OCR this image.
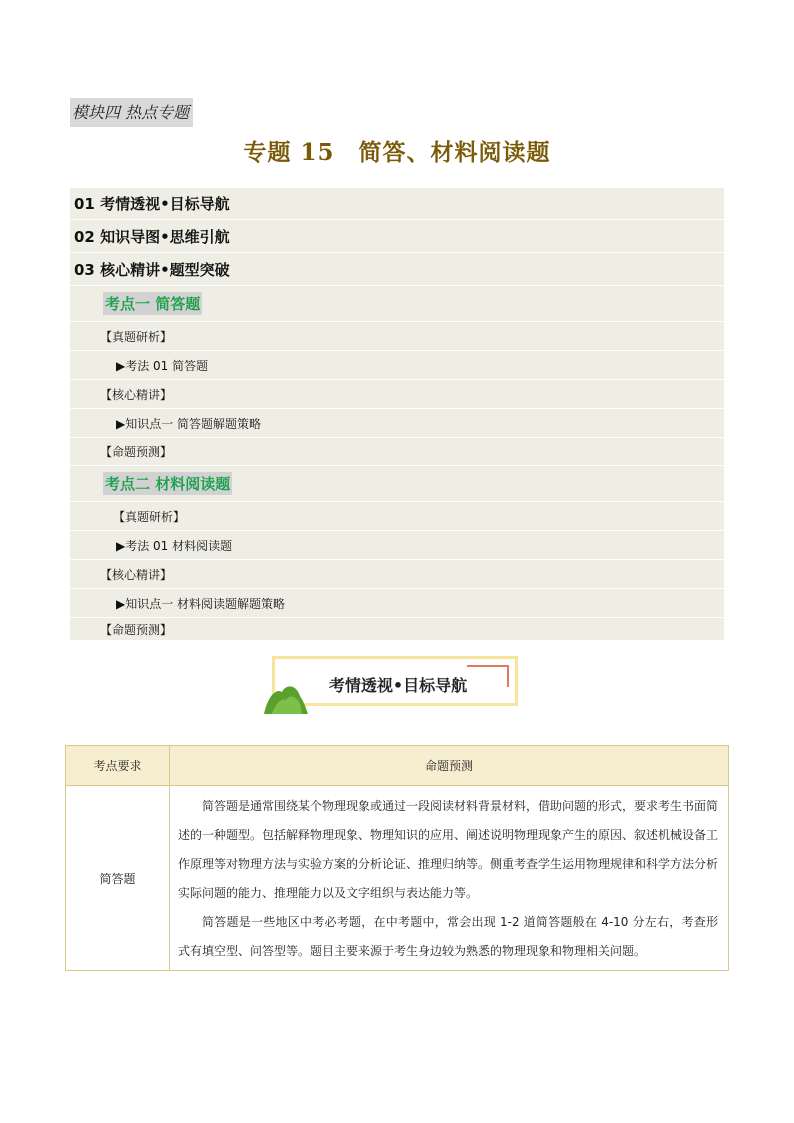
模块四 热点专题
专题 15　简答、材料阅读题
01 考情透视•目标导航
02 知识导图•思维引航
03 核心精讲•题型突破
考点一 简答题
【真题研析】
▶考法 01 简答题
【核心精讲】
▶知识点一 简答题解题策略
【命题预测】
考点二 材料阅读题
【真题研析】
▶考法 01 材料阅读题
【核心精讲】
▶知识点一 材料阅读题解题策略
【命题预测】
考情透视•目标导航
考点要求	命题预测
简答题	简答题是通常围绕某个物理现象或通过一段阅读材料背景材料，借助问题的形式，要求考生书面简述的一种题型。包括解释物理现象、物理知识的应用、阐述说明物理现象产生的原因、叙述机械设备工作原理等对物理方法与实验方案的分析论证、推理归纳等。侧重考查学生运用物理规律和科学方法分析实际问题的能力、推理能力以及文字组织与表达能力等。

简答题是一些地区中考必考题，在中考题中，常会出现 1-2 道简答题般在 4-10 分左右，考查形式有填空型、问答型等。题目主要来源于考生身边较为熟悉的物理现象和物理相关问题。
